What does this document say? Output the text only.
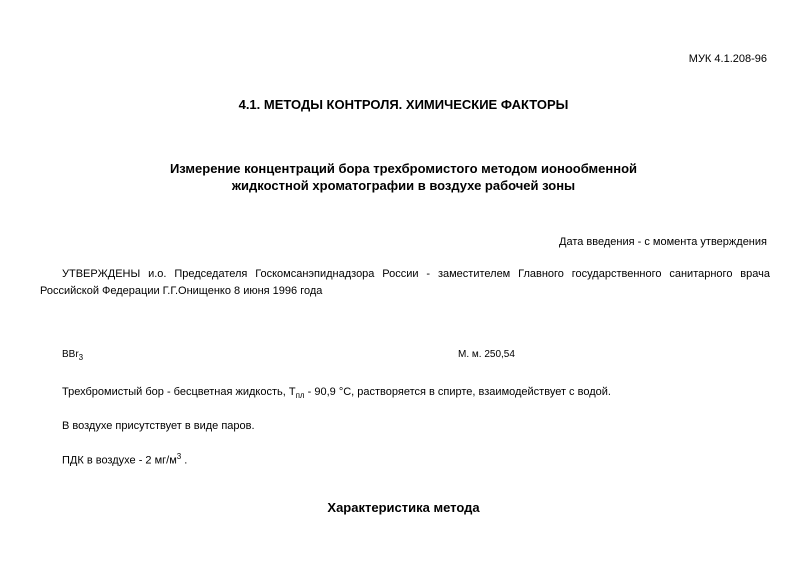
МУК 4.1.208-96
4.1. МЕТОДЫ КОНТРОЛЯ. ХИМИЧЕСКИЕ ФАКТОРЫ
Измерение концентраций бора трехбромистого методом ионообменной
жидкостной хроматографии в воздухе рабочей зоны
Дата введения - с момента утверждения
УТВЕРЖДЕНЫ и.о. Председателя Госкомсанэпиднадзора России - заместителем Главного государственного санитарного врача Российской Федерации Г.Г.Онищенко 8 июня 1996 года
BBr$_3$	М. м. 250,54
Трехбромистый бор - бесцветная жидкость, $Т_{пл} - 90,9$ °С, растворяется в спирте, взаимодействует с водой.
В воздухе присутствует в виде паров.
ПДК в воздухе - 2 $мг/м^3$ .
Характеристика метода
